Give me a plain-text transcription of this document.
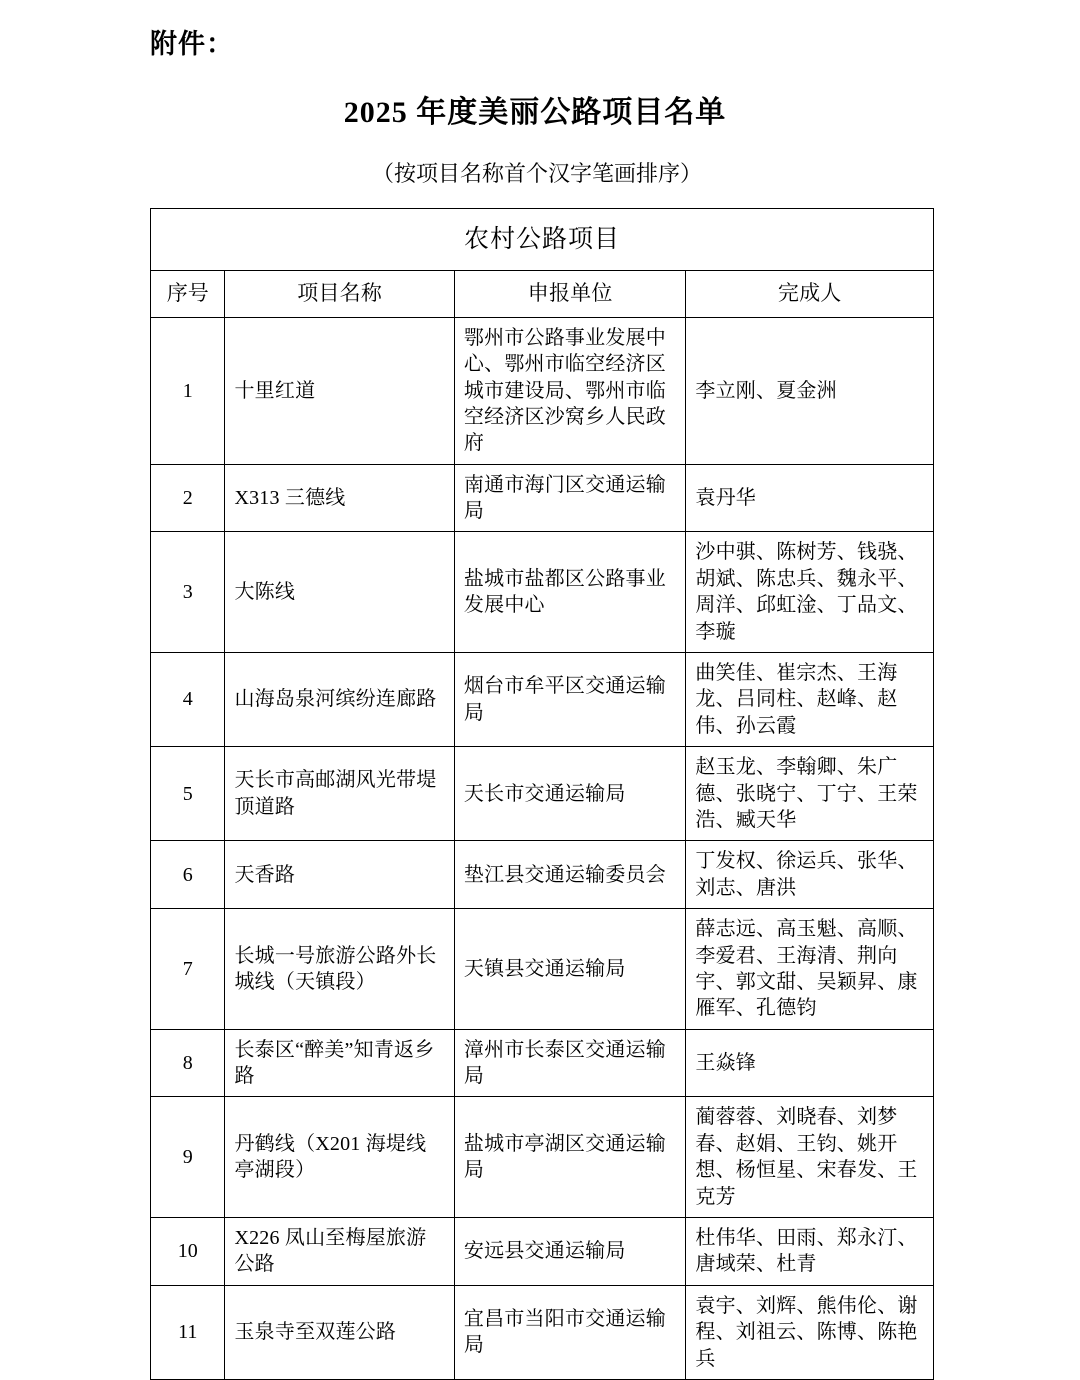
附件：
2025 年度美丽公路项目名单
（按项目名称首个汉字笔画排序）
农村公路项目			
序号	项目名称	申报单位	完成人
1	十里红道	鄂州市公路事业发展中心、鄂州市临空经济区城市建设局、鄂州市临空经济区沙窝乡人民政府	李立刚、夏金洲
2	X313 三德线	南通市海门区交通运输局	袁丹华
3	大陈线	盐城市盐都区公路事业发展中心	沙中骐、陈树芳、钱骁、胡斌、陈忠兵、魏永平、周洋、邱虹淦、丁品文、李璇
4	山海岛泉河缤纷连廊路	烟台市牟平区交通运输局	曲笑佳、崔宗杰、王海龙、吕同柱、赵峰、赵伟、孙云霞
5	天长市高邮湖风光带堤顶道路	天长市交通运输局	赵玉龙、李翰卿、朱广德、张晓宁、丁宁、王荣浩、臧天华
6	天香路	垫江县交通运输委员会	丁发权、徐运兵、张华、刘志、唐洪
7	长城一号旅游公路外长城线（天镇段）	天镇县交通运输局	薛志远、高玉魁、高顺、李爱君、王海清、荆向宇、郭文甜、吴颖昇、康雁军、孔德钧
8	长泰区“醉美”知青返乡路	漳州市长泰区交通运输局	王焱锋
9	丹鹤线（X201 海堤线亭湖段）	盐城市亭湖区交通运输局	蔺蓉蓉、刘晓春、刘梦春、赵娟、王钧、姚开想、杨恒星、宋春发、王克芳
10	X226 凤山至梅屋旅游公路	安远县交通运输局	杜伟华、田雨、郑永汀、唐域荣、杜青
11	玉泉寺至双莲公路	宜昌市当阳市交通运输局	袁宇、刘辉、熊伟伦、谢程、刘祖云、陈博、陈艳兵
